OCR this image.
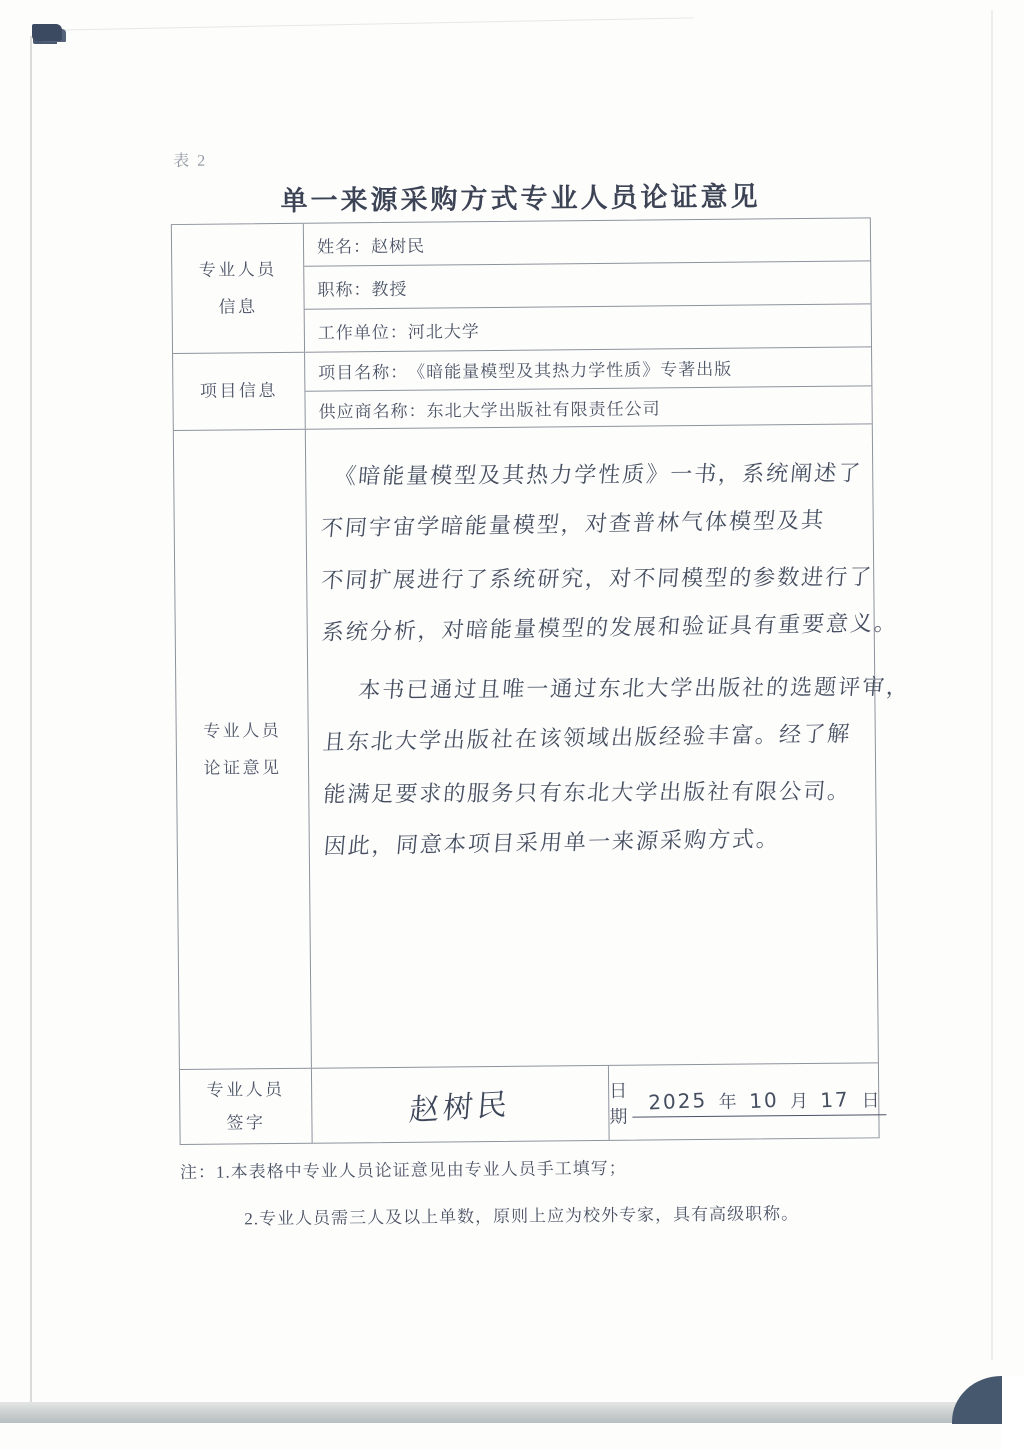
表 2
单一来源采购方式专业人员论证意见
专业人员
信息
姓名： 赵树民
职称： 教授
工作单位： 河北大学
项目信息
项目名称： 《暗能量模型及其热力学性质》专著出版
供应商名称： 东北大学出版社有限责任公司
专业人员
论证意见
《暗能量模型及其热力学性质》一书，系统阐述了
不同宇宙学暗能量模型，对查普林气体模型及其
不同扩展进行了系统研究，对不同模型的参数进行了
系统分析，对暗能量模型的发展和验证具有重要意义。
本书已通过且唯一通过东北大学出版社的选题评审，
且东北大学出版社在该领域出版经验丰富。经了解
能满足要求的服务只有东北大学出版社有限公司。
因此，同意本项目采用单一来源采购方式。
专业人员
签字	赵树民	日期
2025 年 10 月 17 日
注：1.本表格中专业人员论证意见由专业人员手工填写；
2.专业人员需三人及以上单数，原则上应为校外专家，具有高级职称。
